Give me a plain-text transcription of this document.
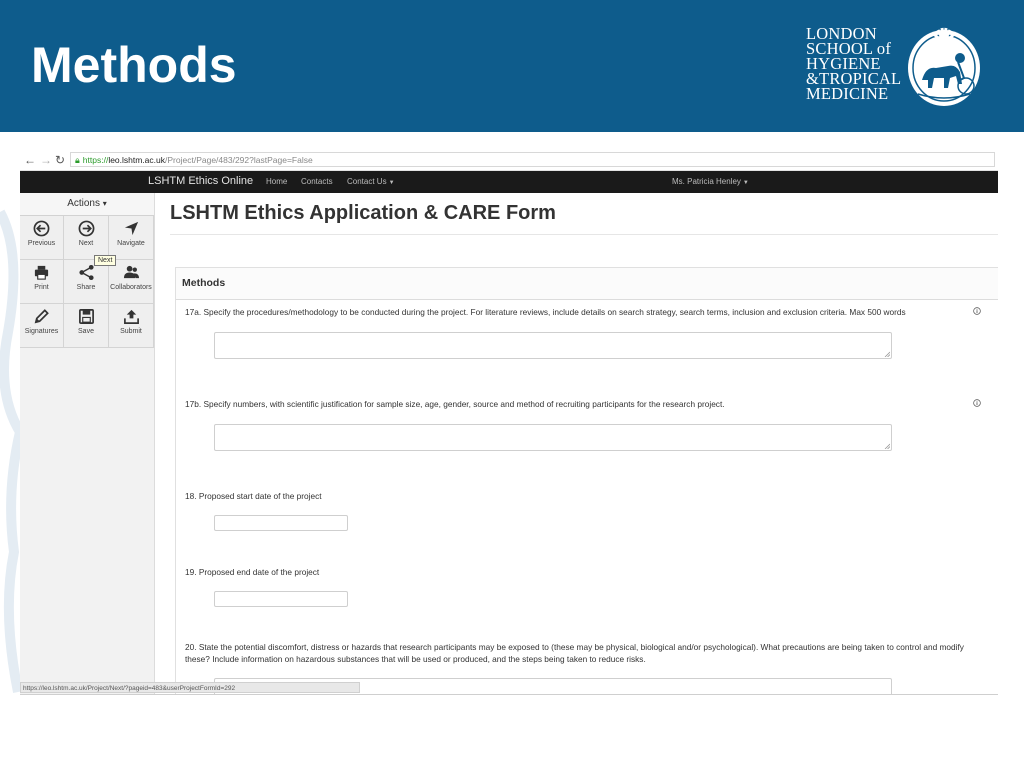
Methods
LONDON
SCHOOL of
HYGIENE
&TROPICAL
MEDICINE
← → ↻	🔒︎ https://leo.lshtm.ac.uk/Project/Page/483/292?lastPage=False
LSHTM Ethics Online Home Contacts Contact Us ▼	Ms. Patricia Henley ▼
Actions ▾
Previous	Next	Navigate
Print	Share	Collaborators
Signatures	Save	Submit
Next
LSHTM Ethics Application & CARE Form
Methods
17a. Specify the procedures/methodology to be conducted during the project. For literature reviews, include details on search strategy, search terms, inclusion and exclusion criteria. Max 500 words
17b. Specify numbers, with scientific justification for sample size, age, gender, source and method of recruiting participants for the research project.
18. Proposed start date of the project
19. Proposed end date of the project
20. State the potential discomfort, distress or hazards that research participants may be exposed to (these may be physical, biological and/or psychological). What precautions are being taken to control and modify these? Include information on hazardous substances that will be used or produced, and the steps being taken to reduce risks.
https://leo.lshtm.ac.uk/Project/Next/?pageid=483&userProjectFormId=292
